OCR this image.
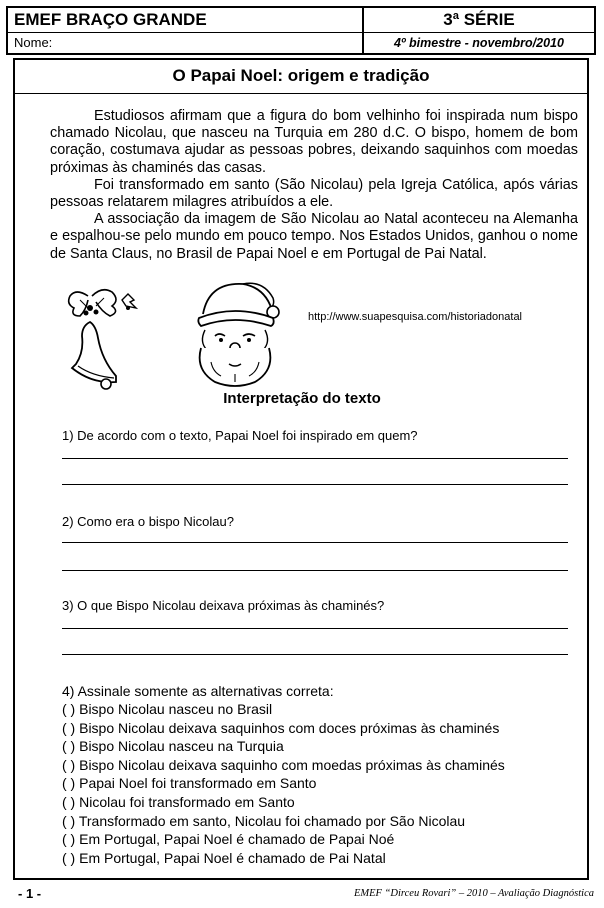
EMEF BRAÇO GRANDE	3ª SÉRIE
Nome:	4º bimestre - novembro/2010
O Papai Noel: origem e tradição

Estudiosos afirmam que a figura do bom velhinho foi inspirada num bispo chamado Nicolau, que nasceu na Turquia em 280 d.C. O bispo, homem de bom coração, costumava ajudar as pessoas pobres, deixando saquinhos com moedas próximas às chaminés das casas.

Foi transformado em santo (São Nicolau) pela Igreja Católica, após várias pessoas relatarem milagres atribuídos a ele.

A associação da imagem de São Nicolau ao Natal aconteceu na Alemanha e espalhou-se pelo mundo em pouco tempo. Nos Estados Unidos, ganhou o nome de Santa Claus, no Brasil de Papai Noel e em Portugal de Pai Natal.

http://www.suapesquisa.com/historiadonatal
Interpretação do texto
1) De acordo com o texto, Papai Noel foi inspirado em quem?
2) Como era o bispo Nicolau?
3) O que Bispo Nicolau deixava próximas às chaminés?
4) Assinale somente as alternativas correta:
( ) Bispo Nicolau nasceu no Brasil
( ) Bispo Nicolau deixava saquinhos com doces próximas às chaminés
( ) Bispo Nicolau nasceu na Turquia
( ) Bispo Nicolau deixava saquinho com moedas próximas às chaminés
( ) Papai Noel foi transformado em Santo
( ) Nicolau foi transformado em Santo
( ) Transformado em santo, Nicolau foi chamado por São Nicolau
( ) Em Portugal, Papai Noel é chamado de Papai Noé
( ) Em Portugal, Papai Noel é chamado de Pai Natal
- 1 -	EMEF “Dirceu Rovari” – 2010 – Avaliação Diagnóstica
